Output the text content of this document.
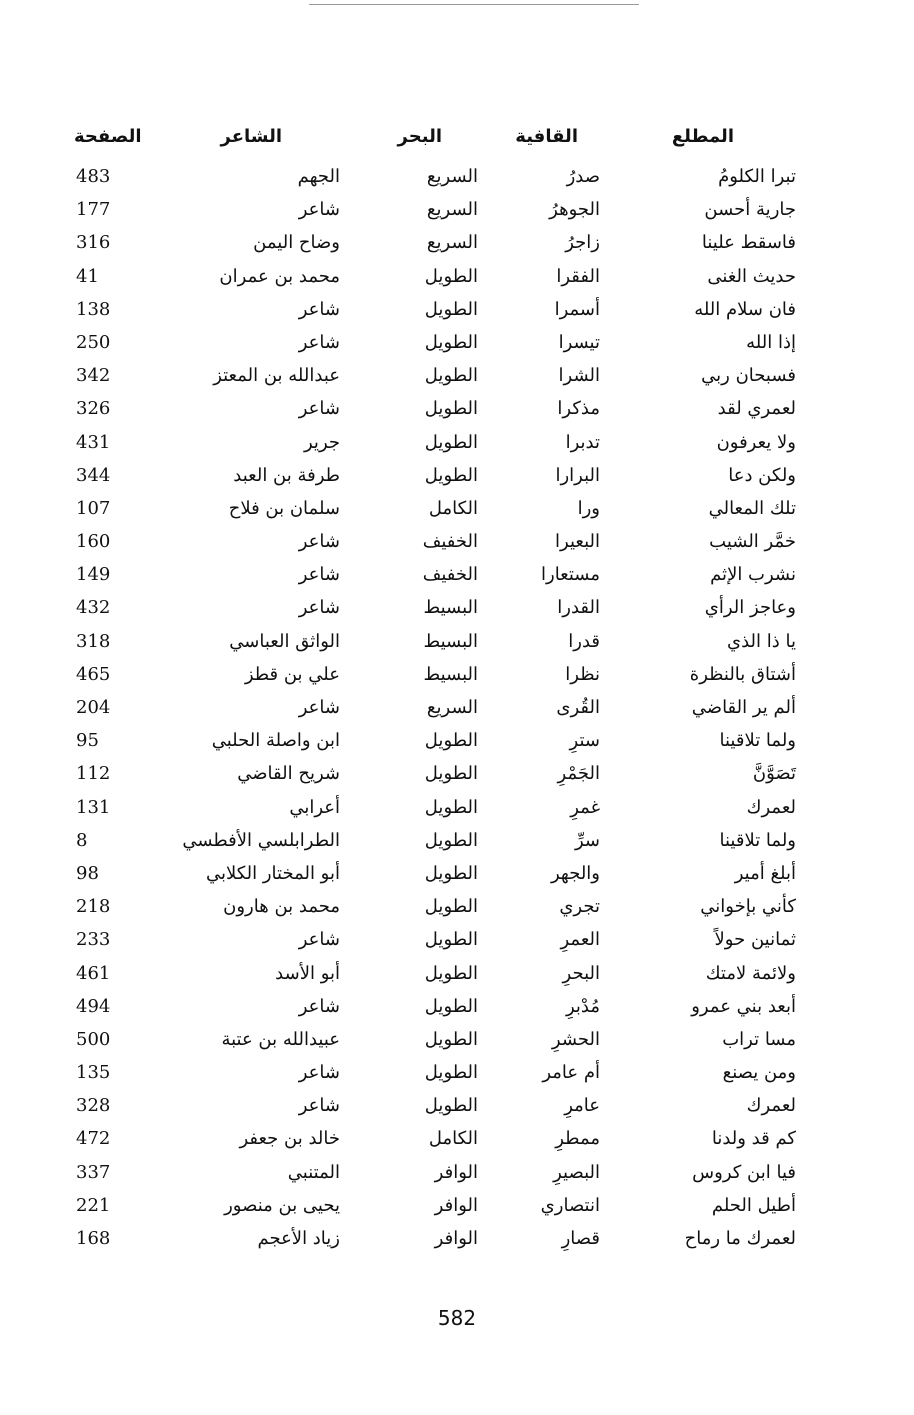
المطلع
القافية
البحر
الشاعر
الصفحة
تبرا الكلومُ
صدرُ
السريع
الجهم
483
جارية أحسن
الجوهرُ
السريع
شاعر
177
فاسقط علينا
زاجرُ
السريع
وضاح اليمن
316
حديث الغنى
الفقرا
الطويل
محمد بن عمران
41
فان سلام الله
أسمرا
الطويل
شاعر
138
إذا الله
تيسرا
الطويل
شاعر
250
فسبحان ربي
الشرا
الطويل
عبدالله بن المعتز
342
لعمري لقد
مذكرا
الطويل
شاعر
326
ولا يعرفون
تدبرا
الطويل
جرير
431
ولكن دعا
البرارا
الطويل
طرفة بن العبد
344
تلك المعالي
ورا
الكامل
سلمان بن فلاح
107
خمَّر الشيب
البعيرا
الخفيف
شاعر
160
نشرب الإثم
مستعارا
الخفيف
شاعر
149
وعاجز الرأي
القدرا
البسيط
شاعر
432
يا ذا الذي
قدرا
البسيط
الواثق العباسي
318
أشتاق بالنظرة
نظرا
البسيط
علي بن قطز
465
ألم ير القاضي
القُرى
السريع
شاعر
204
ولما تلاقينا
سترِ
الطويل
ابن واصلة الحلبي
95
تَصَوَّنَّ
الجَمْرِ
الطويل
شريح القاضي
112
لعمرك
غمرِ
الطويل
أعرابي
131
ولما تلاقينا
سرِّ
الطويل
الطرابلسي الأفطسي
8
أبلغ أمير
والجهر
الطويل
أبو المختار الكلابي
98
كأني بإخواني
تجري
الطويل
محمد بن هارون
218
ثمانين حولاً
العمرِ
الطويل
شاعر
233
ولائمة لامتك
البحرِ
الطويل
أبو الأسد
461
أبعد بني عمرو
مُدْبرِ
الطويل
شاعر
494
مسا تراب
الحشرِ
الطويل
عبيدالله بن عتبة
500
ومن يصنع
أم عامر
الطويل
شاعر
135
لعمرك
عامرِ
الطويل
شاعر
328
كم قد ولدنا
ممطرِ
الكامل
خالد بن جعفر
472
فيا ابن كروس
البصيرِ
الوافر
المتنبي
337
أطيل الحلم
انتصاري
الوافر
يحيى بن منصور
221
لعمرك ما رماح
قصارِ
الوافر
زياد الأعجم
168
582
